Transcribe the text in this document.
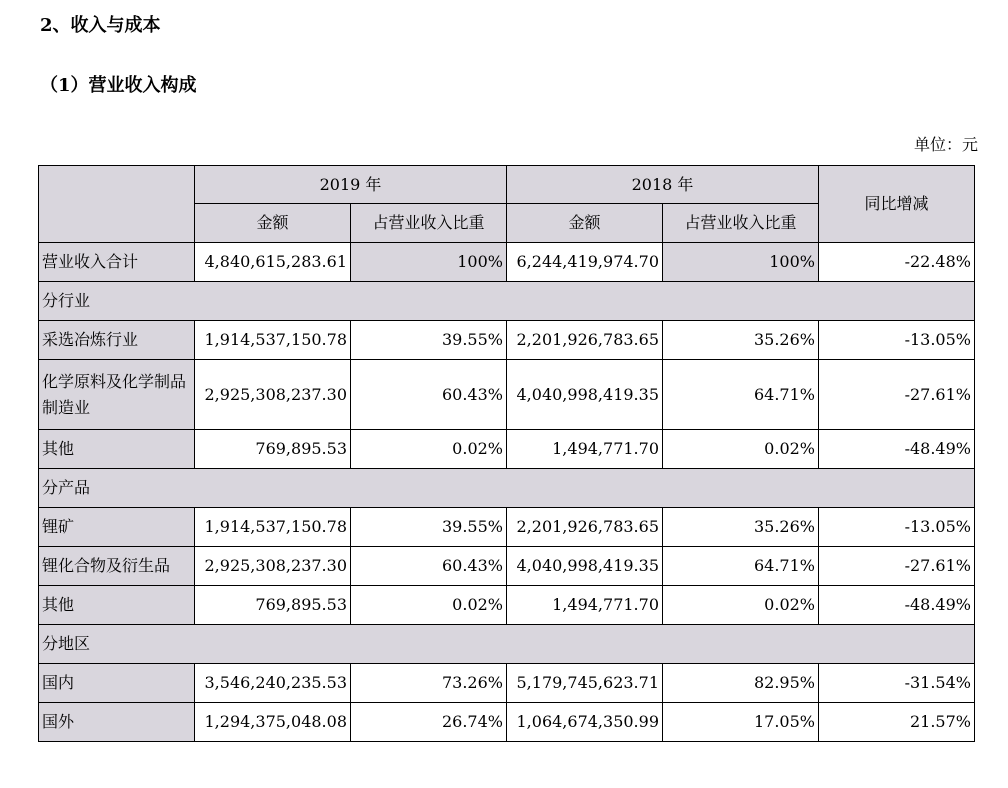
2、收入与成本
（1）营业收入构成
单位：元
	2019 年		2018 年		同比增减
	金额	占营业收入比重	金额	占营业收入比重	
营业收入合计	4,840,615,283.61	100%	6,244,419,974.70	100%	-22.48%
分行业					
采选冶炼行业	1,914,537,150.78	39.55%	2,201,926,783.65	35.26%	-13.05%
化学原料及化学制品制造业	2,925,308,237.30	60.43%	4,040,998,419.35	64.71%	-27.61%
其他	769,895.53	0.02%	1,494,771.70	0.02%	-48.49%
分产品					
锂矿	1,914,537,150.78	39.55%	2,201,926,783.65	35.26%	-13.05%
锂化合物及衍生品	2,925,308,237.30	60.43%	4,040,998,419.35	64.71%	-27.61%
其他	769,895.53	0.02%	1,494,771.70	0.02%	-48.49%
分地区					
国内	3,546,240,235.53	73.26%	5,179,745,623.71	82.95%	-31.54%
国外	1,294,375,048.08	26.74%	1,064,674,350.99	17.05%	21.57%
